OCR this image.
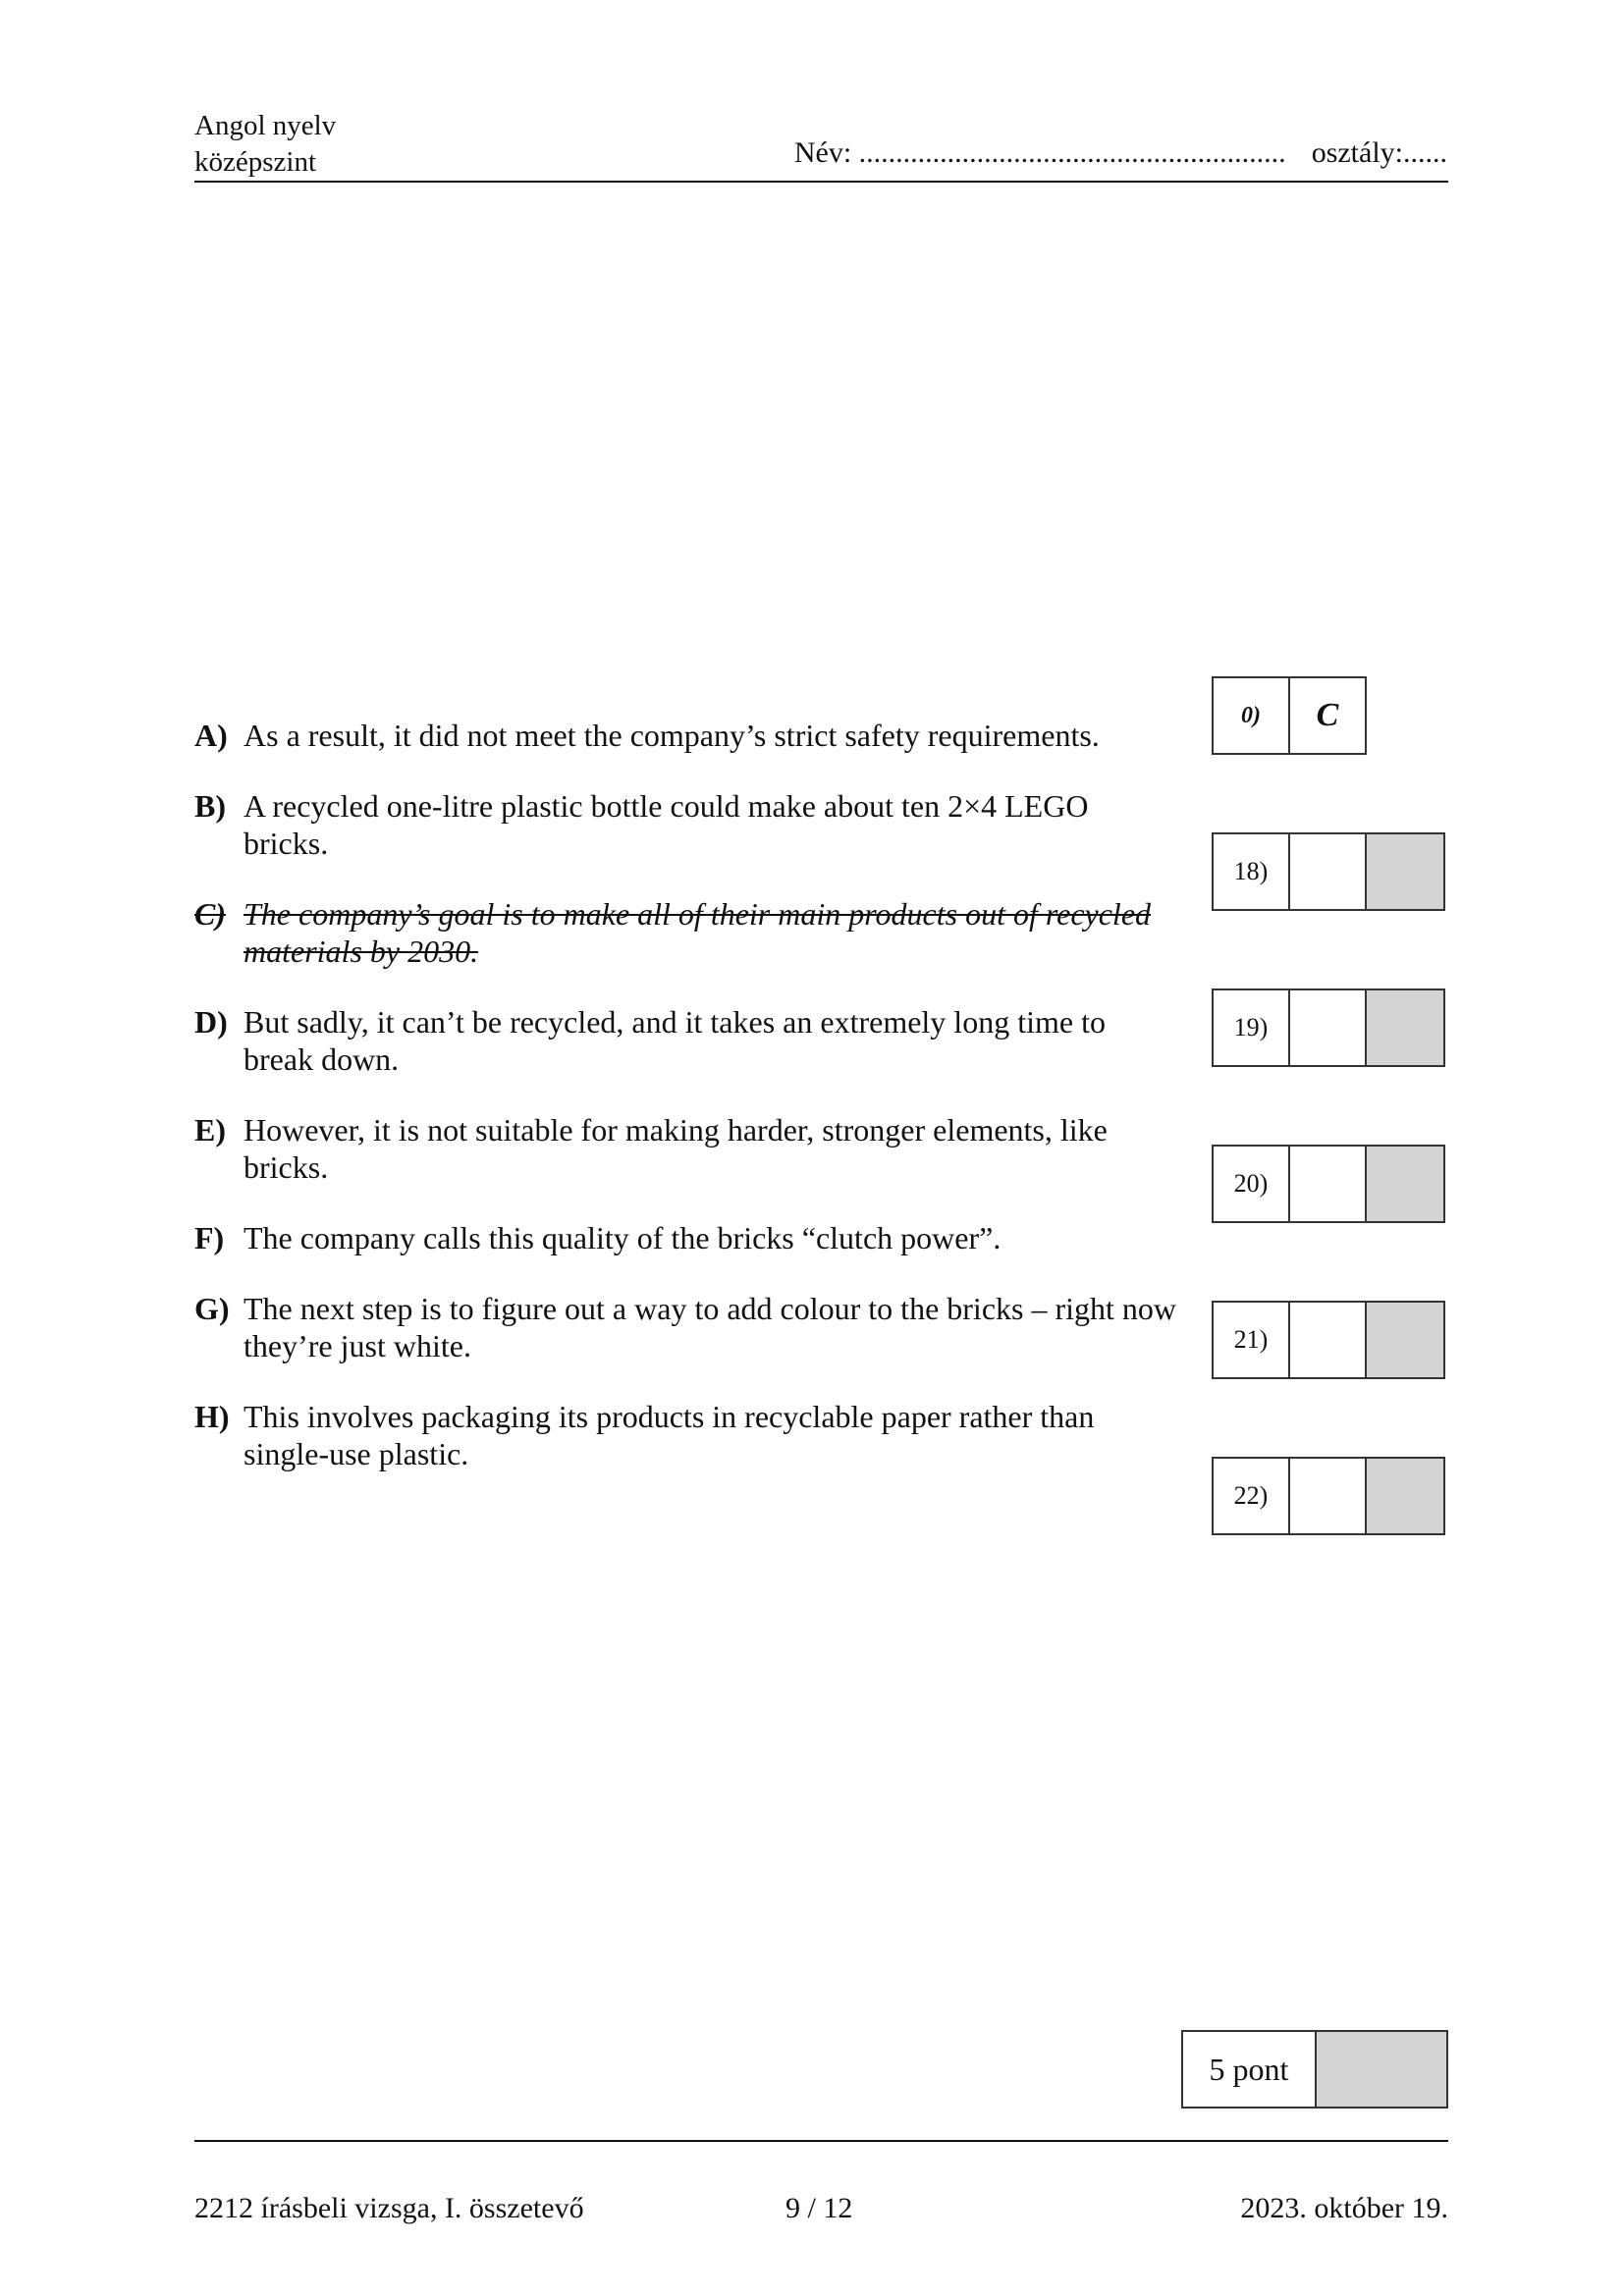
Angol nyelv
középszint	Név: .......................................................... osztály:......
A) As a result, it did not meet the company’s strict safety requirements.
B) A recycled one-litre plastic bottle could make about ten 2×4 LEGO bricks.
C) The company’s goal is to make all of their main products out of recycled materials by 2030.
D) But sadly, it can’t be recycled, and it takes an extremely long time to break down.
E) However, it is not suitable for making harder, stronger elements, like bricks.
F) The company calls this quality of the bricks “clutch power”.
G) The next step is to figure out a way to add colour to the bricks – right now they’re just white.
H) This involves packaging its products in recyclable paper rather than single-use plastic.
0)	C
18)
19)
20)
21)
22)
5 pont
2212 írásbeli vizsga, I. összetevő	9 / 12	2023. október 19.
